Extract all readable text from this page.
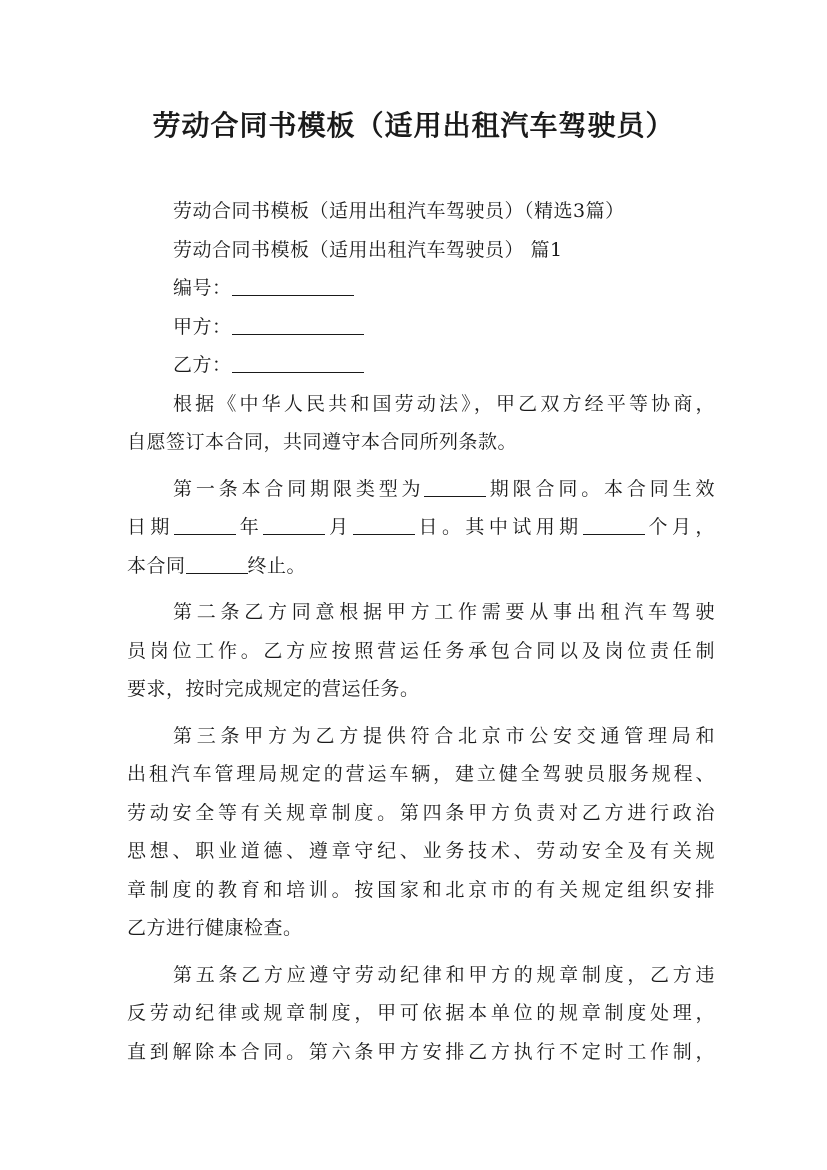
劳动合同书模板（适用出租汽车驾驶员）
劳动合同书模板（适用出租汽车驾驶员）（精选3篇）
劳动合同书模板（适用出租汽车驾驶员） 篇1
编号：
甲方：
乙方：
根据《中华人民共和国劳动法》，甲乙双方经平等协商，
自愿签订本合同，共同遵守本合同所列条款。
第一条本合同期限类型为	期限合同。本合同生效
日期	年	月	日。其中试用期	个月，
本合同	终止。
第二条乙方同意根据甲方工作需要从事出租汽车驾驶
员岗位工作。乙方应按照营运任务承包合同以及岗位责任制
要求，按时完成规定的营运任务。
第三条甲方为乙方提供符合北京市公安交通管理局和
出租汽车管理局规定的营运车辆，建立健全驾驶员服务规程、
劳动安全等有关规章制度。第四条甲方负责对乙方进行政治
思想、职业道德、遵章守纪、业务技术、劳动安全及有关规
章制度的教育和培训。按国家和北京市的有关规定组织安排
乙方进行健康检查。
第五条乙方应遵守劳动纪律和甲方的规章制度，乙方违
反劳动纪律或规章制度，甲可依据本单位的规章制度处理，
直到解除本合同。第六条甲方安排乙方执行不定时工作制，
